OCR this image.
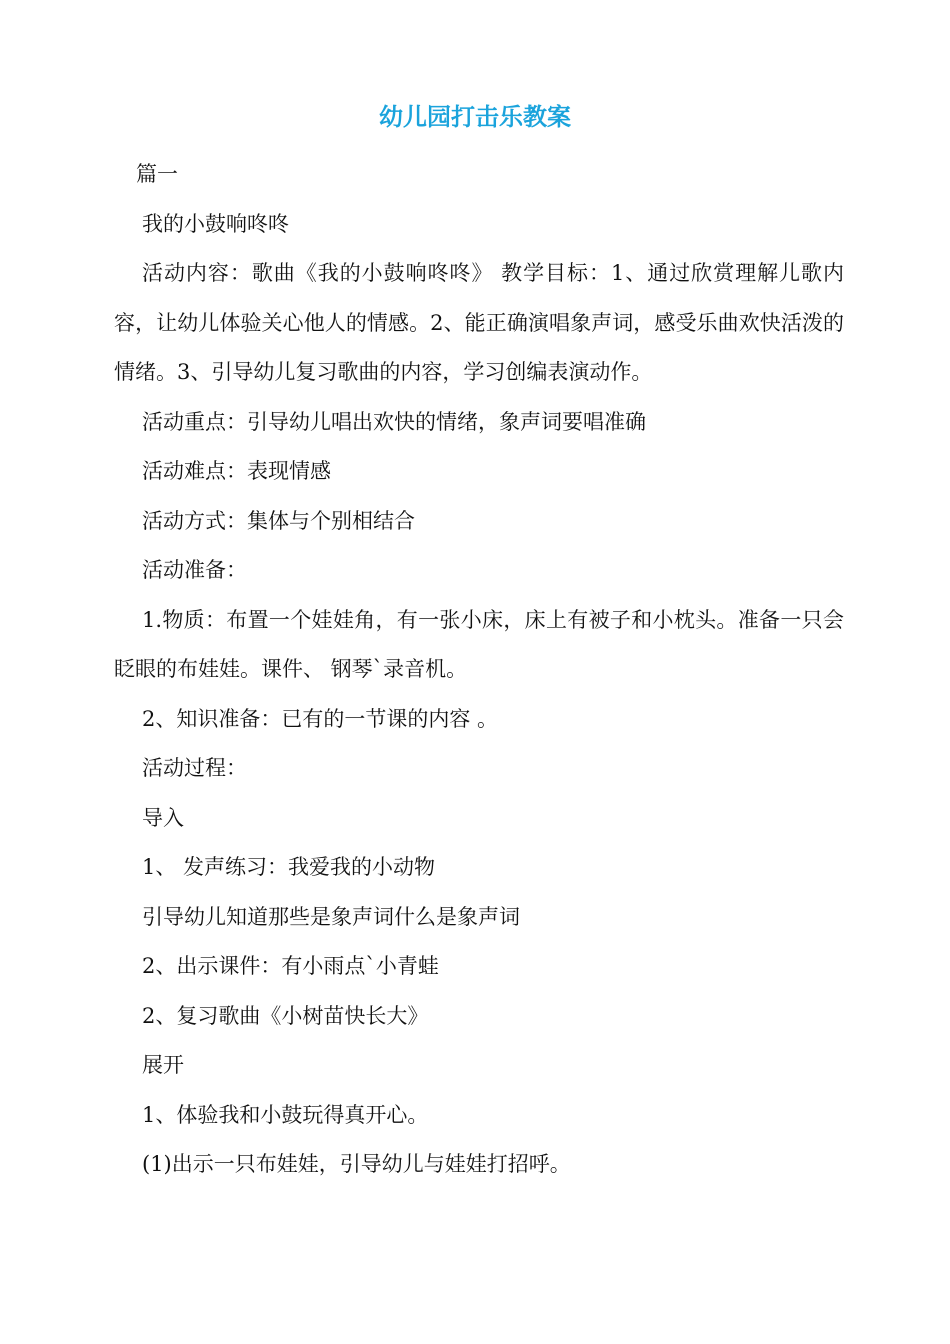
幼儿园打击乐教案

篇一

我的小鼓响咚咚

活动内容：歌曲《我的小鼓响咚咚》 教学目标：1、通过欣赏理解儿歌内容，让幼儿体验关心他人的情感。2、能正确演唱象声词，感受乐曲欢快活泼的情绪。3、引导幼儿复习歌曲的内容，学习创编表演动作。

活动重点：引导幼儿唱出欢快的情绪，象声词要唱准确

活动难点：表现情感

活动方式：集体与个别相结合

活动准备：

1.物质：布置一个娃娃角，有一张小床，床上有被子和小枕头。准备一只会眨眼的布娃娃。课件、 钢琴`录音机。

2、知识准备：已有的一节课的内容 。

活动过程：

导入

1、 发声练习：我爱我的小动物

引导幼儿知道那些是象声词什么是象声词

2、出示课件：有小雨点`小青蛙

2、复习歌曲《小树苗快长大》

展开

1、体验我和小鼓玩得真开心。

(1)出示一只布娃娃，引导幼儿与娃娃打招呼。
